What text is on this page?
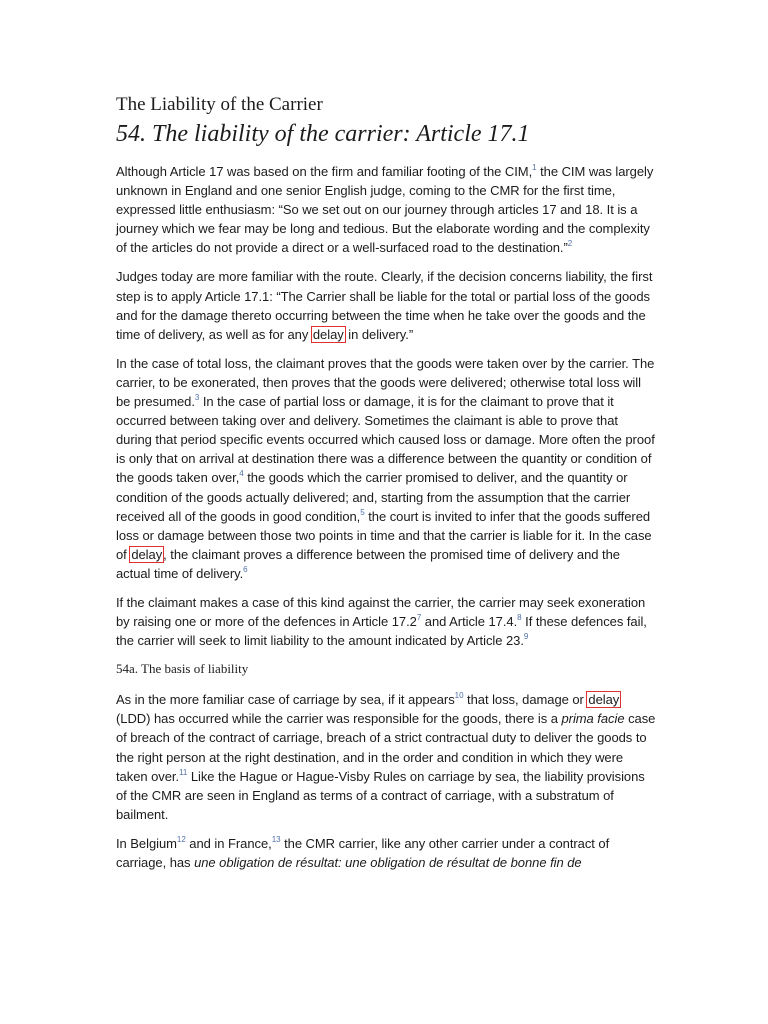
The Liability of the Carrier
54. The liability of the carrier: Article 17.1

Although Article 17 was based on the firm and familiar footing of the CIM,$^1$ the CIM was largely unknown in England and one senior English judge, coming to the CMR for the first time, expressed little enthusiasm: “So we set out on our journey through articles 17 and 18. It is a journey which we fear may be long and tedious. But the elaborate wording and the complexity of the articles do not provide a direct or a well-surfaced road to the destination.”$^2$

Judges today are more familiar with the route. Clearly, if the decision concerns liability, the first step is to apply Article 17.1: “The Carrier shall be liable for the total or partial loss of the goods and for the damage thereto occurring between the time when he take over the goods and the time of delivery, as well as for any delay in delivery.”

In the case of total loss, the claimant proves that the goods were taken over by the carrier. The carrier, to be exonerated, then proves that the goods were delivered; otherwise total loss will be presumed.$^3$ In the case of partial loss or damage, it is for the claimant to prove that it occurred between taking over and delivery. Sometimes the claimant is able to prove that during that period specific events occurred which caused loss or damage. More often the proof is only that on arrival at destination there was a difference between the quantity or condition of the goods taken over,$^4$ the goods which the carrier promised to deliver, and the quantity or condition of the goods actually delivered; and, starting from the assumption that the carrier received all of the goods in good condition,$^5$ the court is invited to infer that the goods suffered loss or damage between those two points in time and that the carrier is liable for it. In the case of delay, the claimant proves a difference between the promised time of delivery and the actual time of delivery.$^6$

If the claimant makes a case of this kind against the carrier, the carrier may seek exoneration by raising one or more of the defences in Article 17.2$^7$ and Article 17.4.$^8$ If these defences fail, the carrier will seek to limit liability to the amount indicated by Article 23.$^9$

54a. The basis of liability

As in the more familiar case of carriage by sea, if it appears$^{10}$ that loss, damage or delay (LDD) has occurred while the carrier was responsible for the goods, there is a prima facie case of breach of the contract of carriage, breach of a strict contractual duty to deliver the goods to the right person at the right destination, and in the order and condition in which they were taken over.$^{11}$ Like the Hague or Hague-Visby Rules on carriage by sea, the liability provisions of the CMR are seen in England as terms of a contract of carriage, with a substratum of bailment.

In Belgium$^{12}$ and in France,$^{13}$ the CMR carrier, like any other carrier under a contract of carriage, has une obligation de résultat: une obligation de résultat de bonne fin de
